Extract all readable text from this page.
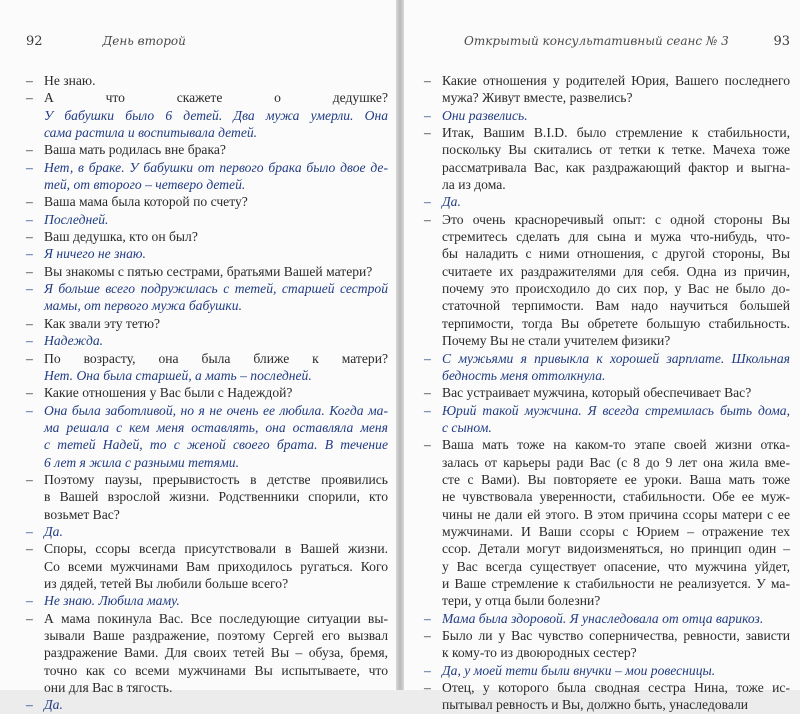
92	День второй
– Не знаю.
– А что скажете о дедушке?
У бабушки было 6 детей. Два мужа умерли. Она
сама растила и воспитывала детей.
– Ваша мать родилась вне брака?
– Нет, в браке. У бабушки от первого брака было двое де-
тей, от второго – четверо детей.
– Ваша мама была которой по счету?
– Последней.
– Ваш дедушка, кто он был?
– Я ничего не знаю.
– Вы знакомы с пятью сестрами, братьями Вашей матери?
– Я больше всего подружилась с тетей, старшей сестрой
мамы, от первого мужа бабушки.
– Как звали эту тетю?
– Надежда.
– По возрасту, она была ближе к матери?
Нет. Она была старшей, а мать – последней.
– Какие отношения у Вас были с Надеждой?
– Она была заботливой, но я не очень ее любила. Когда ма-
ма решала с кем меня оставлять, она оставляла меня
с тетей Надей, то с женой своего брата. В течение
6 лет я жила с разными тетями.
– Поэтому паузы, прерывистость в детстве проявились
в Вашей взрослой жизни. Родственники спорили, кто
возьмет Вас?
– Да.
– Споры, ссоры всегда присутствовали в Вашей жизни.
Со всеми мужчинами Вам приходилось ругаться. Кого
из дядей, тетей Вы любили больше всего?
– Не знаю. Любила маму.
– А мама покинула Вас. Все последующие ситуации вы-
зывали Ваше раздражение, поэтому Сергей его вызвал
раздражение Вами. Для своих тетей Вы – обуза, бремя,
точно как со всеми мужчинами Вы испытываете, что
они для Вас в тягость.
– Да.
Открытый консультативный сеанс № 3	93
– Какие отношения у родителей Юрия, Вашего последнего
мужа? Живут вместе, развелись?
– Они развелись.
– Итак, Вашим B.I.D. было стремление к стабильности,
поскольку Вы скитались от тетки к тетке. Мачеха тоже
рассматривала Вас, как раздражающий фактор и выгна-
ла из дома.
– Да.
– Это очень красноречивый опыт: с одной стороны Вы
стремитесь сделать для сына и мужа что-нибудь, что-
бы наладить с ними отношения, с другой стороны, Вы
считаете их раздражителями для себя. Одна из причин,
почему это происходило до сих пор, у Вас не было до-
статочной терпимости. Вам надо научиться большей
терпимости, тогда Вы обретете большую стабильность.
Почему Вы не стали учителем физики?
– С мужьями я привыкла к хорошей зарплате. Школьная
бедность меня оттолкнула.
– Вас устраивает мужчина, который обеспечивает Вас?
– Юрий такой мужчина. Я всегда стремилась быть дома,
с сыном.
– Ваша мать тоже на каком-то этапе своей жизни отка-
залась от карьеры ради Вас (с 8 до 9 лет она жила вме-
сте с Вами). Вы повторяете ее уроки. Ваша мать тоже
не чувствовала уверенности, стабильности. Обе ее муж-
чины не дали ей этого. В этом причина ссоры матери с ее
мужчинами. И Ваши ссоры с Юрием – отражение тех
ссор. Детали могут видоизменяться, но принцип один –
у Вас всегда существует опасение, что мужчина уйдет,
и Ваше стремление к стабильности не реализуется. У ма-
тери, у отца были болезни?
– Мама была здоровой. Я унаследовала от отца варикоз.
– Было ли у Вас чувство соперничества, ревности, зависти
к кому-то из двоюродных сестер?
– Да, у моей тети были внучки – мои ровесницы.
– Отец, у которого была сводная сестра Нина, тоже ис-
пытывал ревность и Вы, должно быть, унаследовали
